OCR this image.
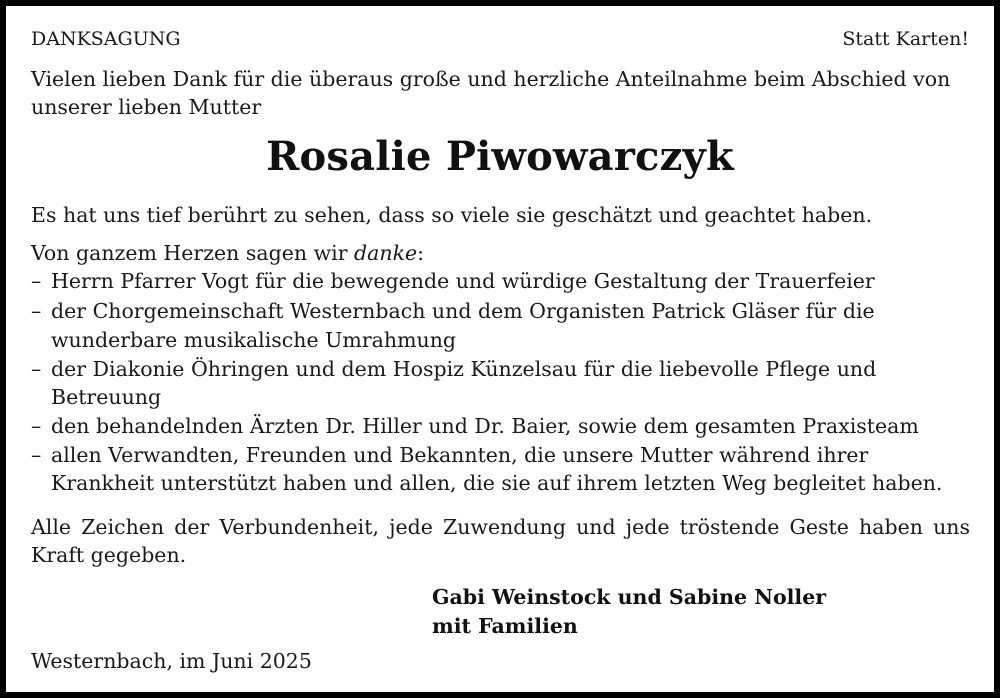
DANKSAGUNG	Statt Karten!
Vielen lieben Dank für die überaus große und herzliche Anteilnahme beim Abschied von
unserer lieben Mutter
Rosalie Piwowarczyk
Es hat uns tief berührt zu sehen, dass so viele sie geschätzt und geachtet haben.
Von ganzem Herzen sagen wir danke:
– Herrn Pfarrer Vogt für die bewegende und würdige Gestaltung der Trauerfeier
– der Chorgemeinschaft Westernbach und dem Organisten Patrick Gläser für die
wunderbare musikalische Umrahmung
– der Diakonie Öhringen und dem Hospiz Künzelsau für die liebevolle Pflege und
Betreuung
– den behandelnden Ärzten Dr. Hiller und Dr. Baier, sowie dem gesamten Praxisteam
– allen Verwandten, Freunden und Bekannten, die unsere Mutter während ihrer
Krankheit unterstützt haben und allen, die sie auf ihrem letzten Weg begleitet haben.
Alle Zeichen der Verbundenheit, jede Zuwendung und jede tröstende Geste haben uns
Kraft gegeben.
Gabi Weinstock und Sabine Noller
mit Familien
Westernbach, im Juni 2025
